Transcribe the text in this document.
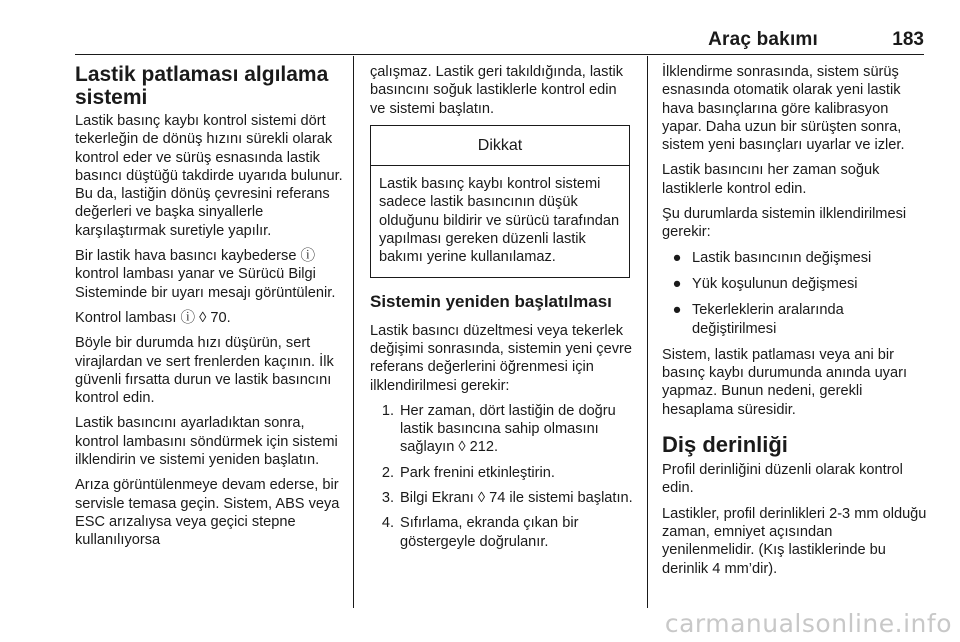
Araç bakımı	183
Lastik patlaması algılama sistemi

Lastik basınç kaybı kontrol sistemi dört tekerleğin de dönüş hızını sürekli olarak kontrol eder ve sürüş esnasında lastik basıncı düştüğü takdirde uyarıda bulunur. Bu da, lastiğin dönüş çevresini referans değerleri ve başka sinyallerle karşılaştırmak suretiyle yapılır.

Bir lastik hava basıncı kaybederse ⓘ kontrol lambası yanar ve Sürücü Bilgi Sisteminde bir uyarı mesajı görüntülenir.

Kontrol lambası ⓘ ◊ 70.

Böyle bir durumda hızı düşürün, sert virajlardan ve sert frenlerden kaçının. İlk güvenli fırsatta durun ve lastik basıncını kontrol edin.

Lastik basıncını ayarladıktan sonra, kontrol lambasını söndürmek için sistemi ilklendirin ve sistemi yeniden başlatın.

Arıza görüntülenmeye devam ederse, bir servisle temasa geçin. Sistem, ABS veya ESC arızalıysa veya geçici stepne kullanılıyorsa

çalışmaz. Lastik geri takıldığında, lastik basıncını soğuk lastiklerle kontrol edin ve sistemi başlatın.

Dikkat
Lastik basınç kaybı kontrol sistemi sadece lastik basıncının düşük olduğunu bildirir ve sürücü tarafından yapılması gereken düzenli lastik bakımı yerine kullanılamaz.
Sistemin yeniden başlatılması

Lastik basıncı düzeltmesi veya tekerlek değişimi sonrasında, sistemin yeni çevre referans değerlerini öğrenmesi için ilklendirilmesi gerekir:

1. Her zaman, dört lastiğin de doğru lastik basıncına sahip olmasını sağlayın ◊ 212.
2. Park frenini etkinleştirin.
3. Bilgi Ekranı ◊ 74 ile sistemi başlatın.
4. Sıfırlama, ekranda çıkan bir göstergeyle doğrulanır.

İlklendirme sonrasında, sistem sürüş esnasında otomatik olarak yeni lastik hava basınçlarına göre kalibrasyon yapar. Daha uzun bir sürüşten sonra, sistem yeni basınçları uyarlar ve izler.

Lastik basıncını her zaman soğuk lastiklerle kontrol edin.

Şu durumlarda sistemin ilklendirilmesi gerekir:

● Lastik basıncının değişmesi
● Yük koşulunun değişmesi
● Tekerleklerin aralarında değiştirilmesi

Sistem, lastik patlaması veya ani bir basınç kaybı durumunda anında uyarı yapmaz. Bunun nedeni, gerekli hesaplama süresidir.

Diş derinliği

Profil derinliğini düzenli olarak kontrol edin.

Lastikler, profil derinlikleri 2-3 mm olduğu zaman, emniyet açısından yenilenmelidir. (Kış lastiklerinde bu derinlik 4 mm’dir).

carmanualsonline.info
